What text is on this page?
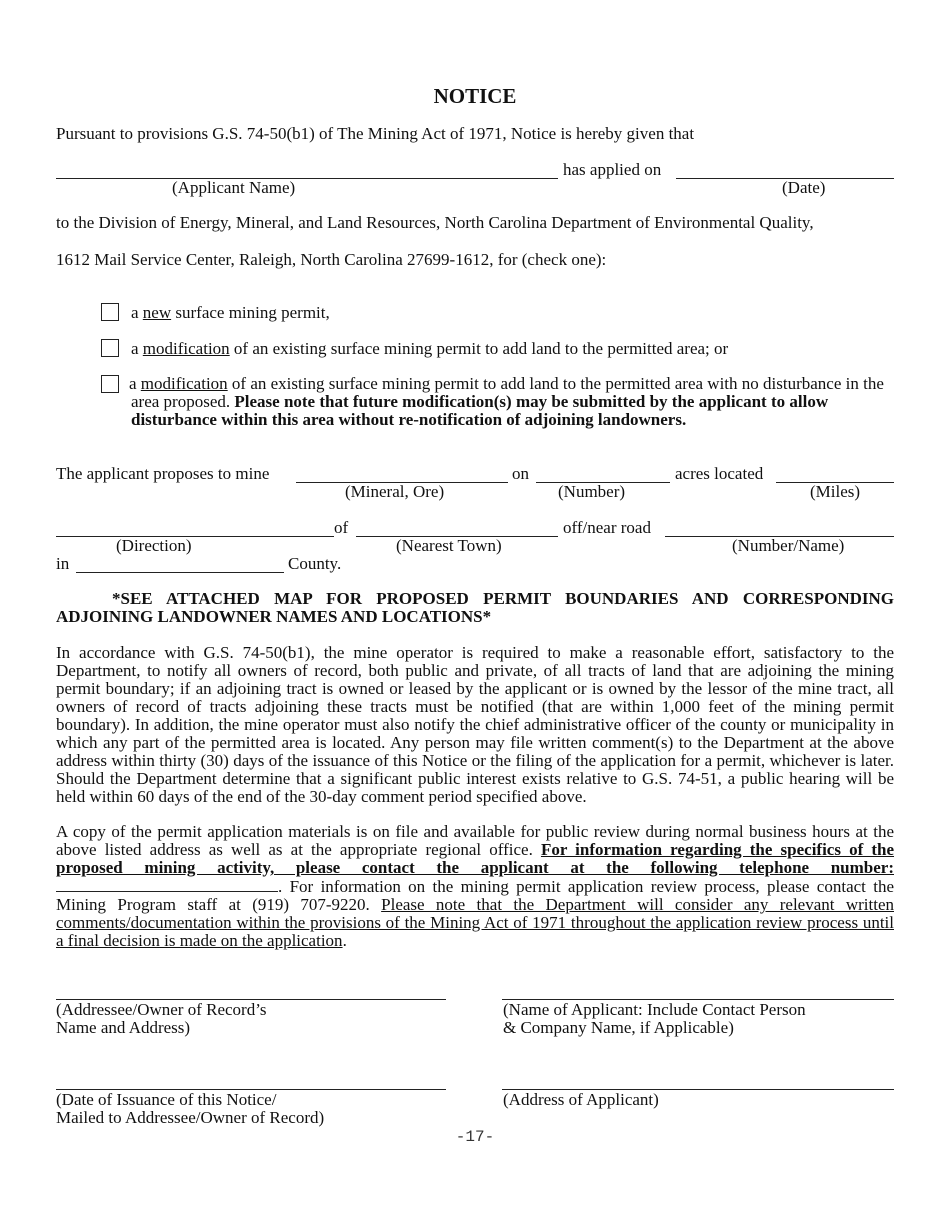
NOTICE
Pursuant to provisions G.S. 74-50(b1) of The Mining Act of 1971, Notice is hereby given that
has applied on
(Applicant Name)	(Date)
to the Division of Energy, Mineral, and Land Resources, North Carolina Department of Environmental Quality,
1612 Mail Service Center, Raleigh, North Carolina 27699-1612, for (check one):
a new surface mining permit,
a modification of an existing surface mining permit to add land to the permitted area; or
a modification of an existing surface mining permit to add land to the permitted area with no disturbance in the area proposed. Please note that future modification(s) may be submitted by the applicant to allow disturbance within this area without re-notification of adjoining landowners.
The applicant proposes to mine	on	acres located
(Mineral, Ore)	(Number)	(Miles)
of	off/near road
(Direction)	(Nearest Town)	(Number/Name)
in	County.
*SEE ATTACHED MAP FOR PROPOSED PERMIT BOUNDARIES AND CORRESPONDING ADJOINING LANDOWNER NAMES AND LOCATIONS*
In accordance with G.S. 74-50(b1), the mine operator is required to make a reasonable effort, satisfactory to the Department, to notify all owners of record, both public and private, of all tracts of land that are adjoining the mining permit boundary; if an adjoining tract is owned or leased by the applicant or is owned by the lessor of the mine tract, all owners of record of tracts adjoining these tracts must be notified (that are within 1,000 feet of the mining permit boundary). In addition, the mine operator must also notify the chief administrative officer of the county or municipality in which any part of the permitted area is located. Any person may file written comment(s) to the Department at the above address within thirty (30) days of the issuance of this Notice or the filing of the application for a permit, whichever is later. Should the Department determine that a significant public interest exists relative to G.S. 74-51, a public hearing will be held within 60 days of the end of the 30-day comment period specified above.
A copy of the permit application materials is on file and available for public review during normal business hours at the above listed address as well as at the appropriate regional office. For information regarding the specifics of the proposed mining activity, please contact the applicant at the following telephone number: . For information on the mining permit application review process, please contact the Mining Program staff at (919) 707-9220. Please note that the Department will consider any relevant written comments/documentation within the provisions of the Mining Act of 1971 throughout the application review process until a final decision is made on the application.
(Addressee/Owner of Record’s
Name and Address)
(Name of Applicant: Include Contact Person
& Company Name, if Applicable)
(Date of Issuance of this Notice/
Mailed to Addressee/Owner of Record)
(Address of Applicant)
-17-
